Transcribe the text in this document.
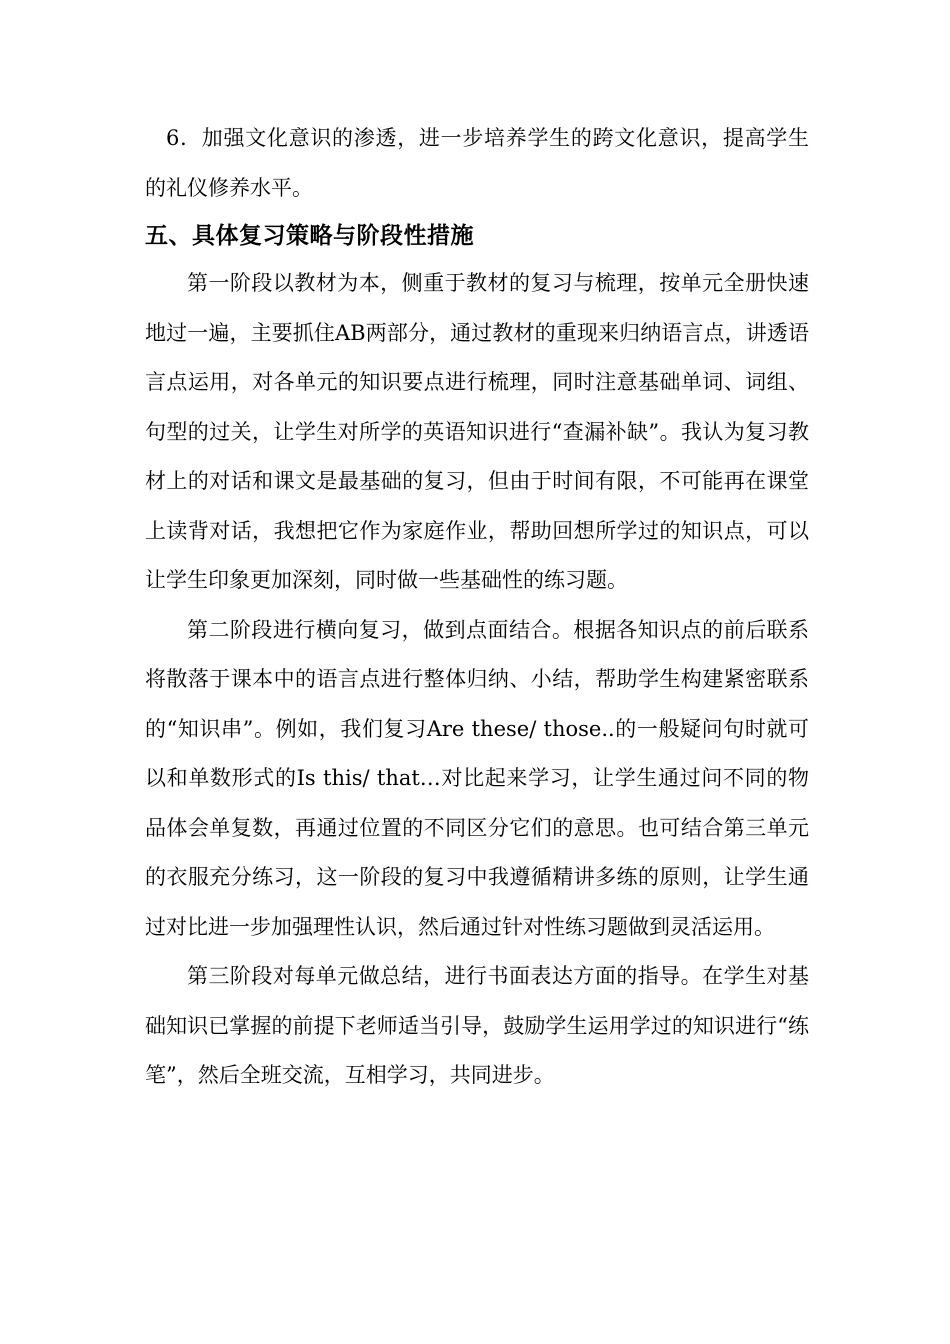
6．加强文化意识的渗透，进一步培养学生的跨文化意识，提高学生的礼仪修养水平。

五、具体复习策略与阶段性措施

第一阶段以教材为本，侧重于教材的复习与梳理，按单元全册快速地过一遍，主要抓住AB两部分，通过教材的重现来归纳语言点，讲透语言点运用，对各单元的知识要点进行梳理，同时注意基础单词、词组、句型的过关，让学生对所学的英语知识进行“查漏补缺”。我认为复习教材上的对话和课文是最基础的复习，但由于时间有限，不可能再在课堂上读背对话，我想把它作为家庭作业，帮助回想所学过的知识点，可以让学生印象更加深刻，同时做一些基础性的练习题。

第二阶段进行横向复习，做到点面结合。根据各知识点的前后联系将散落于课本中的语言点进行整体归纳、小结，帮助学生构建紧密联系的“知识串”。例如，我们复习Are these/ those..的一般疑问句时就可以和单数形式的Is this/ that…对比起来学习，让学生通过问不同的物品体会单复数，再通过位置的不同区分它们的意思。也可结合第三单元的衣服充分练习，这一阶段的复习中我遵循精讲多练的原则，让学生通过对比进一步加强理性认识，然后通过针对性练习题做到灵活运用。

第三阶段对每单元做总结，进行书面表达方面的指导。在学生对基础知识已掌握的前提下老师适当引导，鼓励学生运用学过的知识进行“练笔”，然后全班交流，互相学习，共同进步。
